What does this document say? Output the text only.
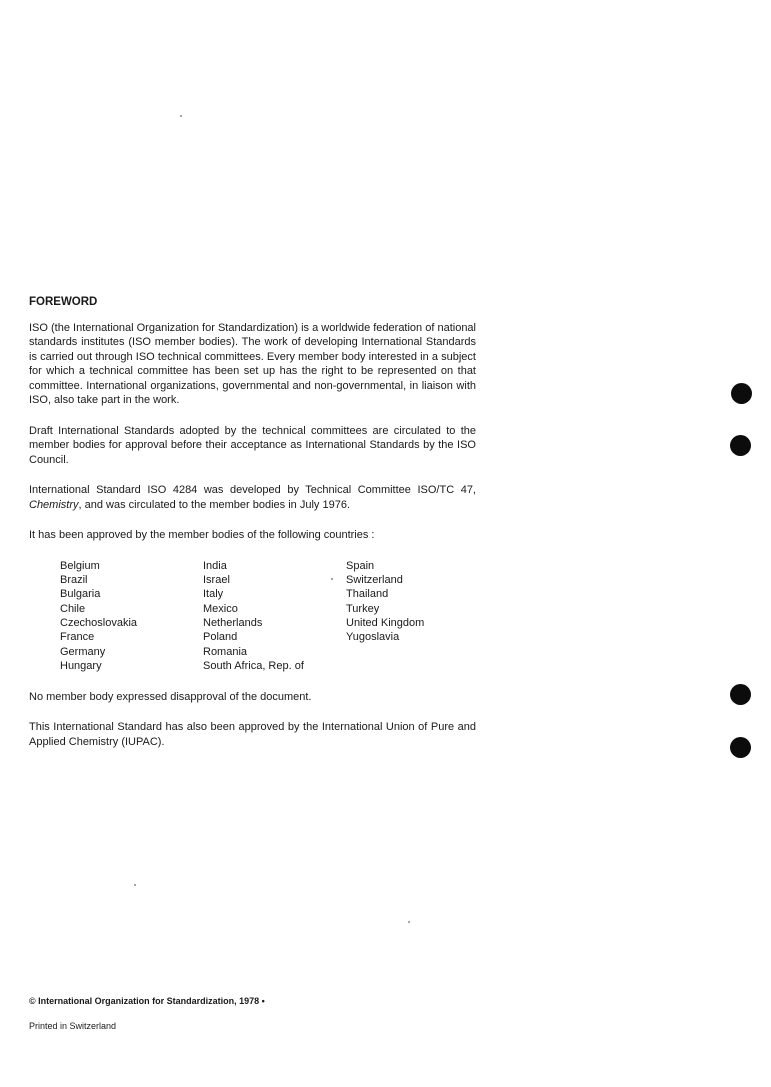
FOREWORD

ISO (the International Organization for Standardization) is a worldwide federation of national standards institutes (ISO member bodies). The work of developing International Standards is carried out through ISO technical committees. Every member body interested in a subject for which a technical committee has been set up has the right to be represented on that committee. International organizations, governmental and non-governmental, in liaison with ISO, also take part in the work.

Draft International Standards adopted by the technical committees are circulated to the member bodies for approval before their acceptance as International Standards by the ISO Council.

International Standard ISO 4284 was developed by Technical Committee ISO/TC 47, Chemistry, and was circulated to the member bodies in July 1976.

It has been approved by the member bodies of the following countries :

Belgium
Brazil
Bulgaria
Chile
Czechoslovakia
France
Germany
Hungary
India
Israel
Italy
Mexico
Netherlands
Poland
Romania
South Africa, Rep. of
Spain
Switzerland
Thailand
Turkey
United Kingdom
Yugoslavia

No member body expressed disapproval of the document.

This International Standard has also been approved by the International Union of Pure and Applied Chemistry (IUPAC).

© International Organization for Standardization, 1978 •
Printed in Switzerland
